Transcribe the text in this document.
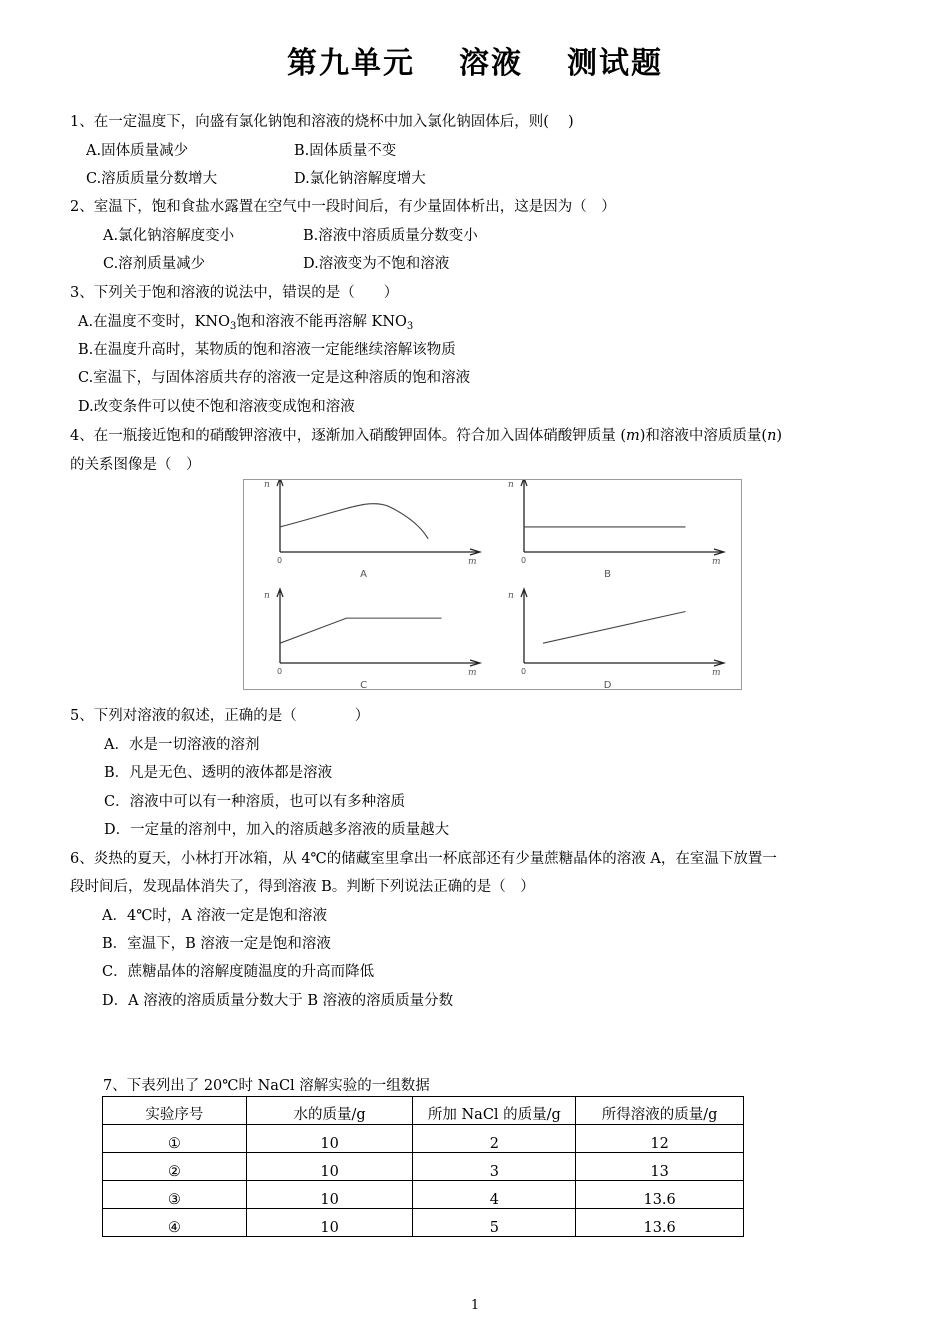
第九单元 溶液 测试题
1、在一定温度下，向盛有氯化钠饱和溶液的烧杯中加入氯化钠固体后，则(　 )
A.固体质量减少	B.固体质量不变
C.溶质质量分数增大	D.氯化钠溶解度增大
2、室温下，饱和食盐水露置在空气中一段时间后，有少量固体析出，这是因为（　）
A.氯化钠溶解度变小	B.溶液中溶质质量分数变小
C.溶剂质量减少	D.溶液变为不饱和溶液
3、下列关于饱和溶液的说法中，错误的是（　　）
A.在温度不变时，$KNO_3$饱和溶液不能再溶解 $KNO_3$
B.在温度升高时，某物质的饱和溶液一定能继续溶解该物质
C.室温下，与固体溶质共存的溶液一定是这种溶质的饱和溶液
D.改变条件可以使不饱和溶液变成饱和溶液
4、在一瓶接近饱和的硝酸钾溶液中，逐渐加入硝酸钾固体。符合加入固体硝酸钾质量 (m)和溶液中溶质质量(n)
的关系图像是（　）
n
m
0
A
n
m
0
B
n
m
0
C
n
m
0
D
5、下列对溶液的叙述，正确的是（　　　　）
A．水是一切溶液的溶剂
B．凡是无色、透明的液体都是溶液
C．溶液中可以有一种溶质，也可以有多种溶质
D．一定量的溶剂中，加入的溶质越多溶液的质量越大
6、炎热的夏天，小林打开冰箱，从 4℃的储藏室里拿出一杯底部还有少量蔗糖晶体的溶液 A，在室温下放置一
段时间后，发现晶体消失了，得到溶液 B。判断下列说法正确的是（　）
A．4℃时，A 溶液一定是饱和溶液
B．室温下，B 溶液一定是饱和溶液
C．蔗糖晶体的溶解度随温度的升高而降低
D．A 溶液的溶质质量分数大于 B 溶液的溶质质量分数
7、下表列出了 20℃时 NaCl 溶解实验的一组数据
实验序号	水的质量/g	所加 NaCl 的质量/g	所得溶液的质量/g
①	10	2	12
②	10	3	13
③	10	4	13.6
④	10	5	13.6
1
